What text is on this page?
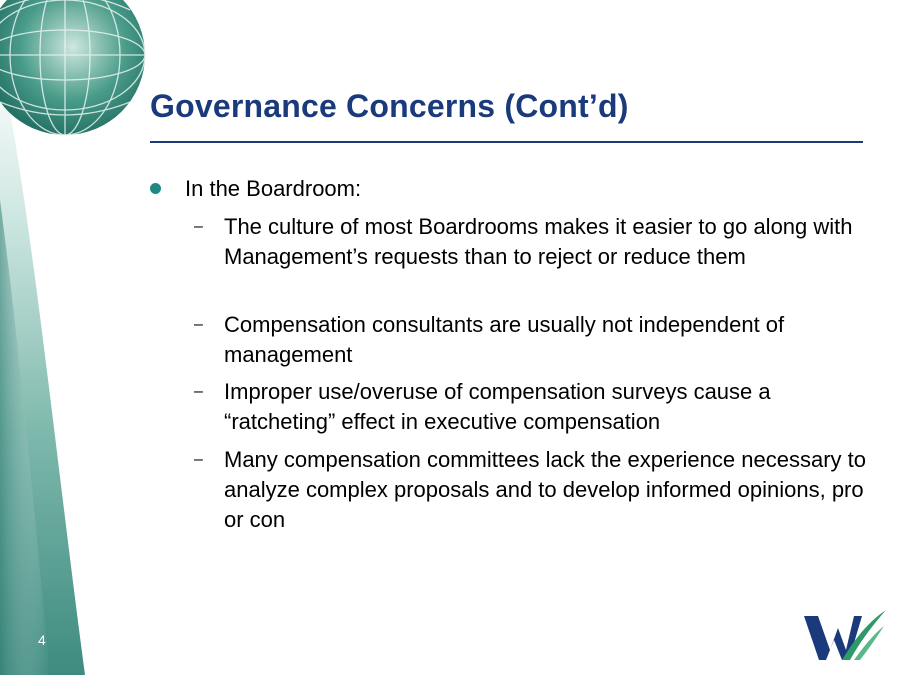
Governance Concerns (Cont’d)
In the Boardroom:
– The culture of most Boardrooms makes it easier to go along with Management’s requests than to reject or reduce them
– Compensation consultants are usually not independent of management
– Improper use/overuse of compensation surveys cause a “ratcheting” effect in executive compensation
– Many compensation committees lack the experience necessary to analyze complex proposals and to develop informed opinions, pro or con
4
